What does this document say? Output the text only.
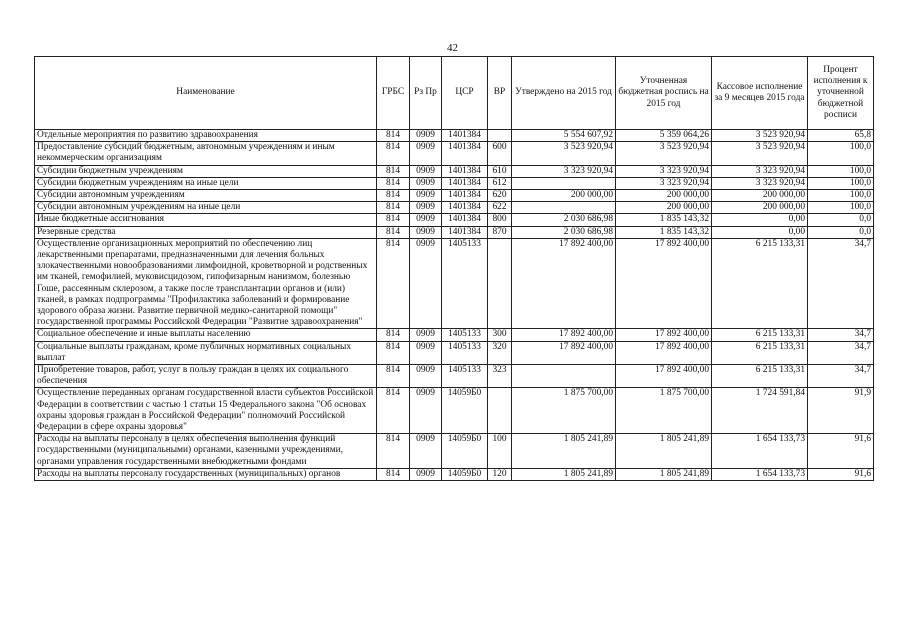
42
Наименование	ГРБС	Рз Пр	ЦСР	ВР	Утверждено на 2015 год	Уточненная бюджетная роспись на 2015 год	Кассовое исполнение за 9 месяцев 2015 года	Процент исполнения к уточненной бюджетной росписи
Отдельные мероприятия по развитию здравоохранения	814	0909	1401384		5 554 607,92	5 359 064,26	3 523 920,94	65,8
Предоставление субсидий бюджетным, автономным учреждениям и иным некоммерческим организациям	814	0909	1401384	600	3 523 920,94	3 523 920,94	3 523 920,94	100,0
Субсидии бюджетным учреждениям	814	0909	1401384	610	3 323 920,94	3 323 920,94	3 323 920,94	100,0
Субсидии бюджетным учреждениям на иные цели	814	0909	1401384	612		3 323 920,94	3 323 920,94	100,0
Субсидии автономным учреждениям	814	0909	1401384	620	200 000,00	200 000,00	200 000,00	100,0
Субсидии автономным учреждениям на иные цели	814	0909	1401384	622		200 000,00	200 000,00	100,0
Иные бюджетные ассигнования	814	0909	1401384	800	2 030 686,98	1 835 143,32	0,00	0,0
Резервные средства	814	0909	1401384	870	2 030 686,98	1 835 143,32	0,00	0,0
Осуществление организационных мероприятий по обеспечению лиц лекарственными препаратами, предназначенными для лечения больных злокачественными новообразованиями лимфоидной, кроветворной и родственных им тканей, гемофилией, муковисцидозом, гипофизарным нанизмом, болезнью Гоше, рассеянным склерозом, а также после трансплантации органов и (или) тканей, в рамках подпрограммы "Профилактика заболеваний и формирование здорового образа жизни. Развитие первичной медико-санитарной помощи" государственной программы Российской Федерации "Развитие здравоохранения"	814	0909	1405133		17 892 400,00	17 892 400,00	6 215 133,31	34,7
Социальное обеспечение и иные выплаты населению	814	0909	1405133	300	17 892 400,00	17 892 400,00	6 215 133,31	34,7
Социальные выплаты гражданам, кроме публичных нормативных социальных выплат	814	0909	1405133	320	17 892 400,00	17 892 400,00	6 215 133,31	34,7
Приобретение товаров, работ, услуг в пользу граждан в целях их социального обеспечения	814	0909	1405133	323		17 892 400,00	6 215 133,31	34,7
Осуществление переданных органам государственной власти субъектов Российской Федерации в соответствии с частью 1 статьи 15 Федерального закона "Об основах охраны здоровья граждан в Российской Федерации" полномочий Российской Федерации в сфере охраны здоровья"	814	0909	14059Б0		1 875 700,00	1 875 700,00	1 724 591,84	91,9
Расходы на выплаты персоналу в целях обеспечения выполнения функций государственными (муниципальными) органами, казенными учреждениями, органами управления государственными внебюджетными фондами	814	0909	14059Б0	100	1 805 241,89	1 805 241,89	1 654 133,73	91,6
Расходы на выплаты персоналу государственных (муниципальных) органов	814	0909	14059Б0	120	1 805 241,89	1 805 241,89	1 654 133,73	91,6
